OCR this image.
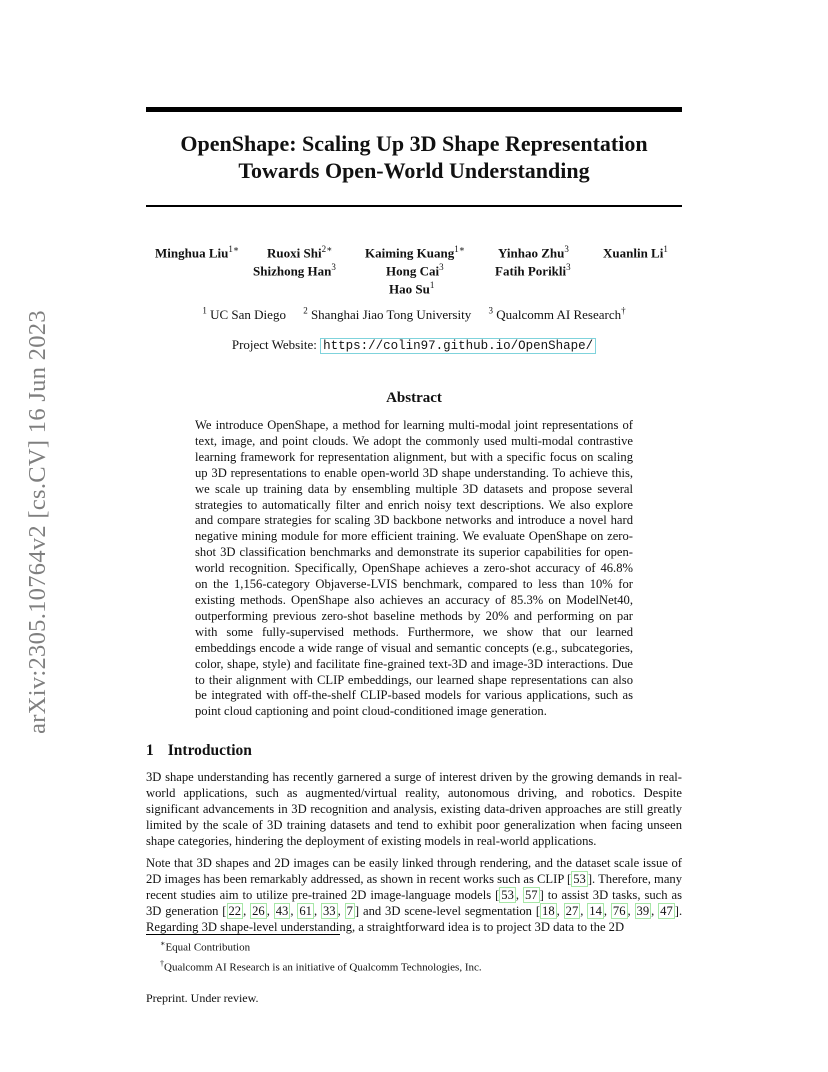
arXiv:2305.10764v2 [cs.CV] 16 Jun 2023
OpenShape: Scaling Up 3D Shape Representation
Towards Open-World Understanding
Minghua Liu$^{1∗}$ Ruoxi Shi$^{2∗}$	Kaiming Kuang$^{1∗}$	Yinhao Zhu$^3$	Xuanlin Li$^1$
Shizhong Han$^3$	Hong Cai$^3$	Fatih Porikli$^3$
Hao Su$^1$
$^1$ UC San Diego $^2$ Shanghai Jiao Tong University $^3$ Qualcomm AI Research†
Project Website: https://colin97.github.io/OpenShape/
Abstract
We introduce OpenShape, a method for learning multi-modal joint representations of text, image, and point clouds. We adopt the commonly used multi-modal contrastive learning framework for representation alignment, but with a specific focus on scaling up 3D representations to enable open-world 3D shape understanding. To achieve this, we scale up training data by ensembling multiple 3D datasets and propose several strategies to automatically filter and enrich noisy text descriptions. We also explore and compare strategies for scaling 3D backbone networks and introduce a novel hard negative mining module for more efficient training. We evaluate OpenShape on zero-shot 3D classification benchmarks and demonstrate its superior capabilities for open-world recognition. Specifically, OpenShape achieves a zero-shot accuracy of 46.8% on the 1,156-category Objaverse-LVIS benchmark, compared to less than 10% for existing methods. OpenShape also achieves an accuracy of 85.3% on ModelNet40, outperforming previous zero-shot baseline methods by 20% and performing on par with some fully-supervised methods. Furthermore, we show that our learned embeddings encode a wide range of visual and semantic concepts (e.g., subcategories, color, shape, style) and facilitate fine-grained text-3D and image-3D interactions. Due to their alignment with CLIP embeddings, our learned shape representations can also be integrated with off-the-shelf CLIP-based models for various applications, such as point cloud captioning and point cloud-conditioned image generation.
1 Introduction
3D shape understanding has recently garnered a surge of interest driven by the growing demands in real-world applications, such as augmented/virtual reality, autonomous driving, and robotics. Despite significant advancements in 3D recognition and analysis, existing data-driven approaches are still greatly limited by the scale of 3D training datasets and tend to exhibit poor generalization when facing unseen shape categories, hindering the deployment of existing models in real-world applications.
Note that 3D shapes and 2D images can be easily linked through rendering, and the dataset scale issue of 2D images has been remarkably addressed, as shown in recent works such as CLIP [ 53 ]. Therefore, many recent studies aim to utilize pre-trained 2D image-language models [ 53 , 57 ] to assist 3D tasks, such as 3D generation [ 22 , 26 , 43 , 61 , 33 , 7 ] and 3D scene-level segmentation [ 18 , 27 , 14 , 76 , 39 , 47 ]. Regarding 3D shape-level understanding, a straightforward idea is to project 3D data to the 2D
∗Equal Contribution
†Qualcomm AI Research is an initiative of Qualcomm Technologies, Inc.
Preprint. Under review.
